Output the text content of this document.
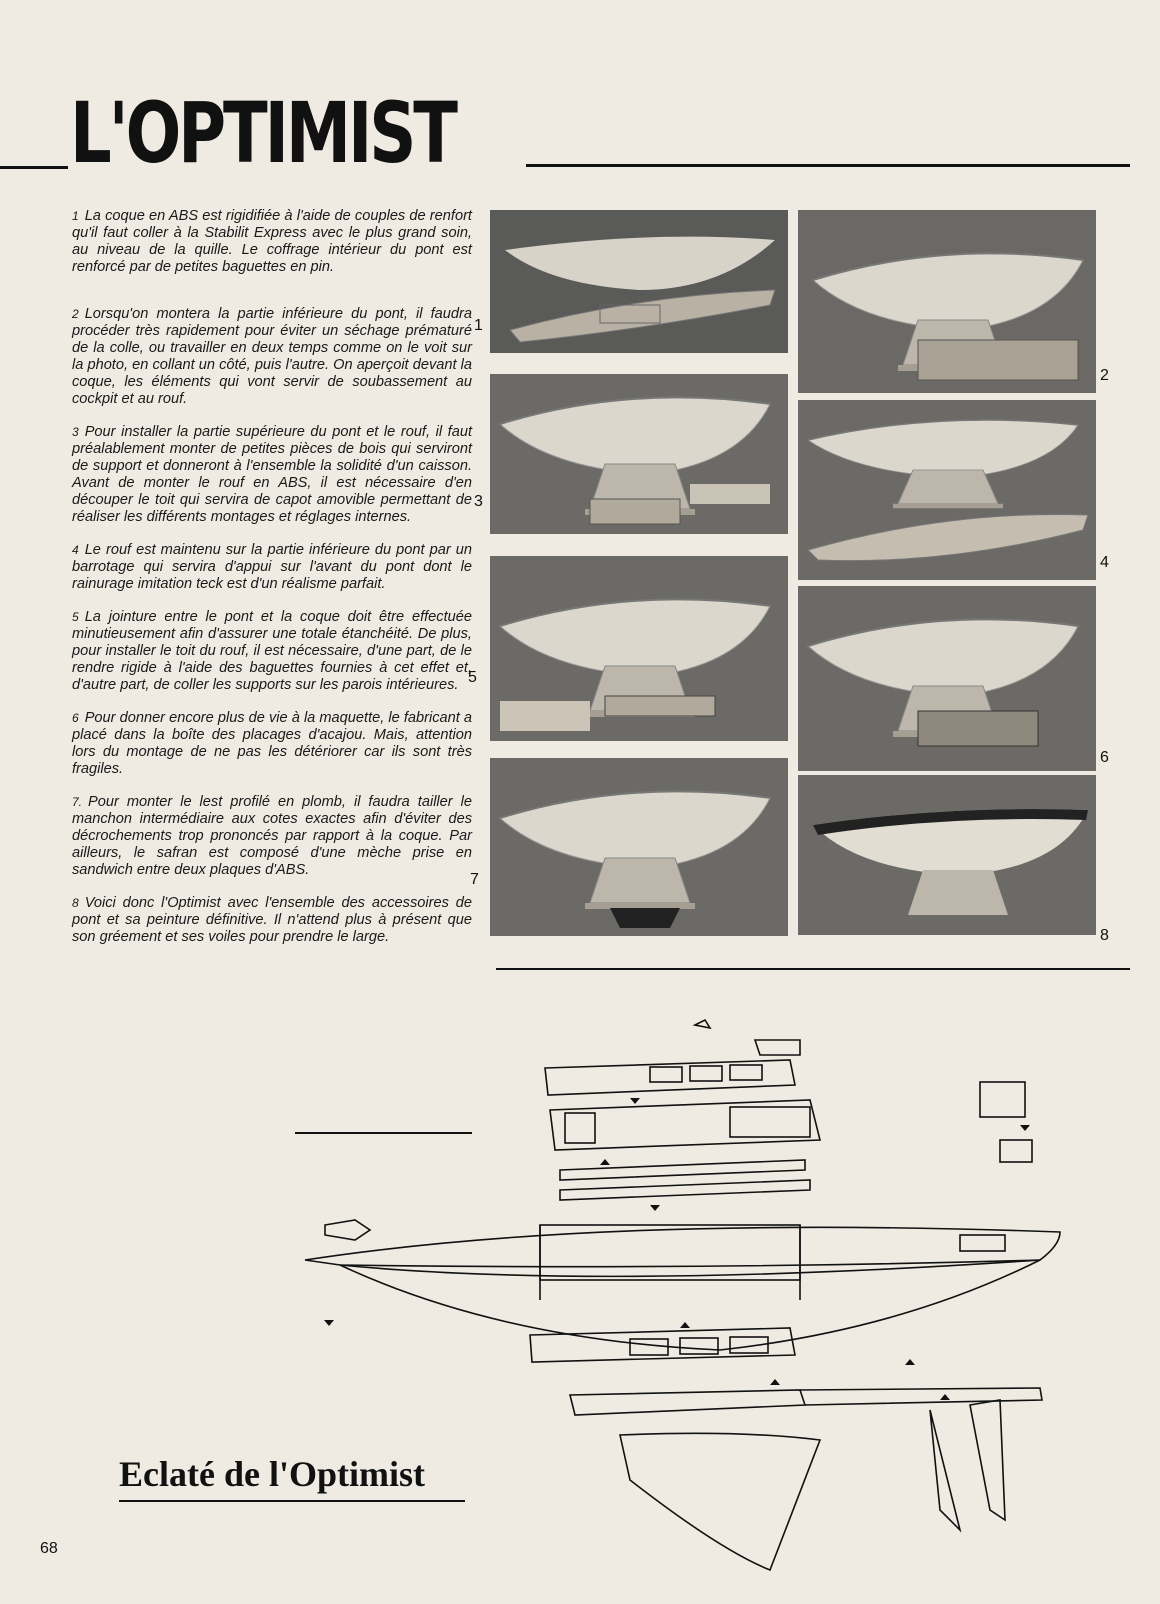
L'OPTIMIST

1 La coque en ABS est rigidifiée à l'aide de couples de renfort qu'il faut coller à la Stabilit Express avec le plus grand soin, au niveau de la quille. Le coffrage intérieur du pont est renforcé par de petites baguettes en pin.

2 Lorsqu'on montera la partie inférieure du pont, il faudra procéder très rapidement pour éviter un séchage prématuré de la colle, ou travailler en deux temps comme on le voit sur la photo, en collant un côté, puis l'autre. On aperçoit devant la coque, les éléments qui vont servir de soubassement au cockpit et au rouf.

3 Pour installer la partie supérieure du pont et le rouf, il faut préalablement monter de petites pièces de bois qui serviront de support et donneront à l'ensemble la solidité d'un caisson. Avant de monter le rouf en ABS, il est nécessaire d'en découper le toit qui servira de capot amovible permettant de réaliser les différents montages et réglages internes.

4 Le rouf est maintenu sur la partie inférieure du pont par un barrotage qui servira d'appui sur l'avant du pont dont le rainurage imitation teck est d'un réalisme parfait.

5 La jointure entre le pont et la coque doit être effectuée minutieusement afin d'assurer une totale étanchéité. De plus, pour installer le toit du rouf, il est nécessaire, d'une part, de le rendre rigide à l'aide des baguettes fournies à cet effet et, d'autre part, de coller les supports sur les parois intérieures.

6 Pour donner encore plus de vie à la maquette, le fabricant a placé dans la boîte des placages d'acajou. Mais, attention lors du montage de ne pas les détériorer car ils sont très fragiles.

7. Pour monter le lest profilé en plomb, il faudra tailler le manchon intermédiaire aux cotes exactes afin d'éviter des décrochements trop prononcés par rapport à la coque. Par ailleurs, le safran est composé d'une mèche prise en sandwich entre deux plaques d'ABS.

8 Voici donc l'Optimist avec l'ensemble des accessoires de pont et sa peinture définitive. Il n'attend plus à présent que son gréement et ses voiles pour prendre le large.

1
2
3
4
5
6
7
8
Eclaté de l'Optimist
68
